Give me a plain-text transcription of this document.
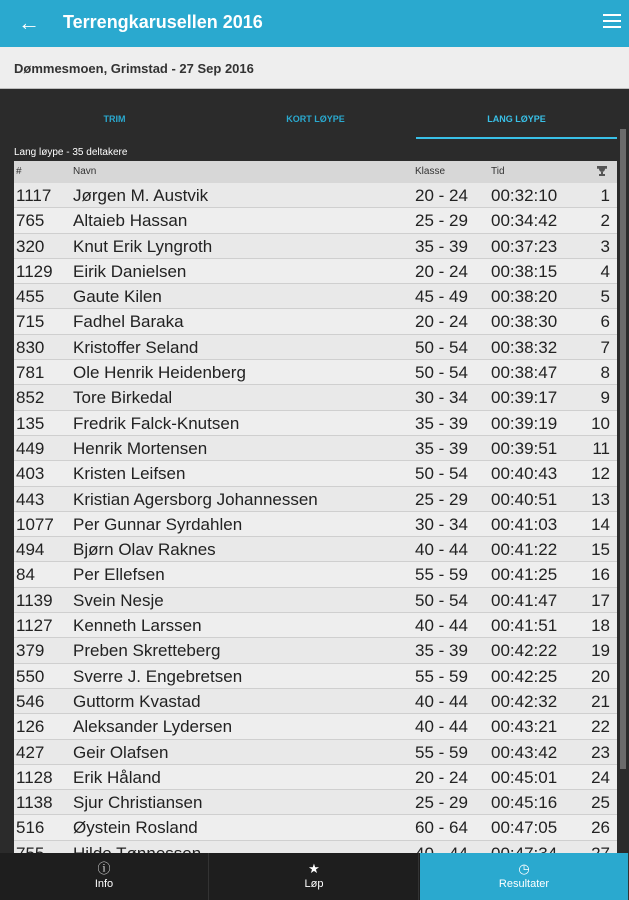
← Terrengkarusellen 2016
Dømmesmoen, Grimstad - 27 Sep 2016
TRIM	KORT LØYPE	LANG LØYPE
Lang løype - 35 deltakere
#	Navn	Klasse	Tid
1117 Jørgen M. Austvik	20 - 24 00:32:10	1
765 Altaieb Hassan	25 - 29 00:34:42	2
320 Knut Erik Lyngroth	35 - 39 00:37:23	3
1129 Eirik Danielsen	20 - 24 00:38:15	4
455 Gaute Kilen	45 - 49 00:38:20	5
715 Fadhel Baraka	20 - 24 00:38:30	6
830 Kristoffer Seland	50 - 54 00:38:32	7
781 Ole Henrik Heidenberg	50 - 54 00:38:47	8
852 Tore Birkedal	30 - 34 00:39:17	9
135 Fredrik Falck-Knutsen	35 - 39 00:39:19	10
449 Henrik Mortensen	35 - 39 00:39:51	11
403 Kristen Leifsen	50 - 54 00:40:43	12
443 Kristian Agersborg Johannessen	25 - 29 00:40:51	13
1077 Per Gunnar Syrdahlen	30 - 34 00:41:03	14
494 Bjørn Olav Raknes	40 - 44 00:41:22	15
84 Per Ellefsen	55 - 59 00:41:25	16
1139 Svein Nesje	50 - 54 00:41:47	17
1127 Kenneth Larssen	40 - 44 00:41:51	18
379 Preben Skretteberg	35 - 39 00:42:22	19
550 Sverre J. Engebretsen	55 - 59 00:42:25	20
546 Guttorm Kvastad	40 - 44 00:42:32	21
126 Aleksander Lydersen	40 - 44 00:43:21	22
427 Geir Olafsen	55 - 59 00:43:42	23
1128 Erik Håland	20 - 24 00:45:01	24
1138 Sjur Christiansen	25 - 29 00:45:16	25
516 Øystein Rosland	60 - 64 00:47:05	26
ⓘ
Info
★
Løp
◷
Resultater
